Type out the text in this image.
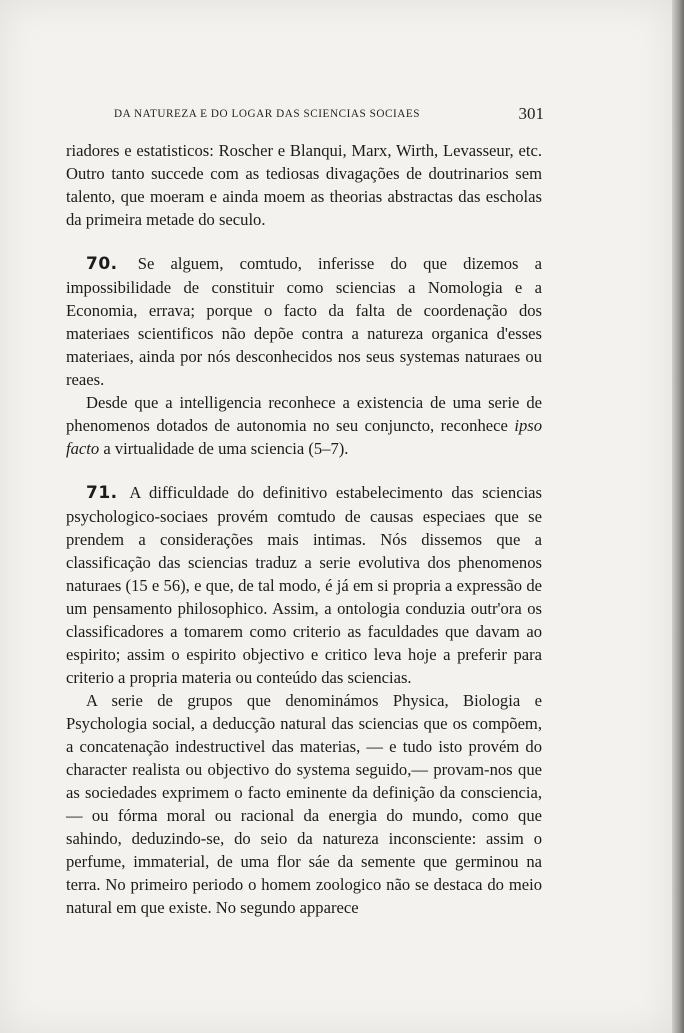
DA NATUREZA E DO LOGAR DAS SCIENCIAS SOCIAES	301

riadores e estatisticos: Roscher e Blanqui, Marx, Wirth, Levasseur, etc. Outro tanto succede com as tediosas divagações de doutrinarios sem talento, que moeram e ainda moem as theorias abstractas das escholas da primeira metade do seculo.

70. Se alguem, comtudo, inferisse do que dizemos a impossibilidade de constituir como sciencias a Nomologia e a Economia, errava; porque o facto da falta de coordenação dos materiaes scientificos não depõe contra a natureza organica d'esses materiaes, ainda por nós desconhecidos nos seus systemas naturaes ou reaes.

Desde que a intelligencia reconhece a existencia de uma serie de phenomenos dotados de autonomia no seu conjuncto, reconhece ipso facto a virtualidade de uma sciencia (5–7).

71. A difficuldade do definitivo estabelecimento das sciencias psychologico-sociaes provém comtudo de causas especiaes que se prendem a considerações mais intimas. Nós dissemos que a classificação das sciencias traduz a serie evolutiva dos phenomenos naturaes (15 e 56), e que, de tal modo, é já em si propria a expressão de um pensamento philosophico. Assim, a ontologia conduzia outr'ora os classificadores a tomarem como criterio as faculdades que davam ao espirito; assim o espirito objectivo e critico leva hoje a preferir para criterio a propria materia ou conteúdo das sciencias.

A serie de grupos que denominámos Physica, Biologia e Psychologia social, a deducção natural das sciencias que os compõem, a concatenação indestructivel das materias, — e tudo isto provém do character realista ou objectivo do systema seguido,— provam-nos que as sociedades exprimem o facto eminente da definição da consciencia,— ou fórma moral ou racional da energia do mundo, como que sahindo, deduzindo-se, do seio da natureza inconsciente: assim o perfume, immaterial, de uma flor sáe da semente que germinou na terra. No primeiro periodo o homem zoologico não se destaca do meio natural em que existe. No segundo apparece
